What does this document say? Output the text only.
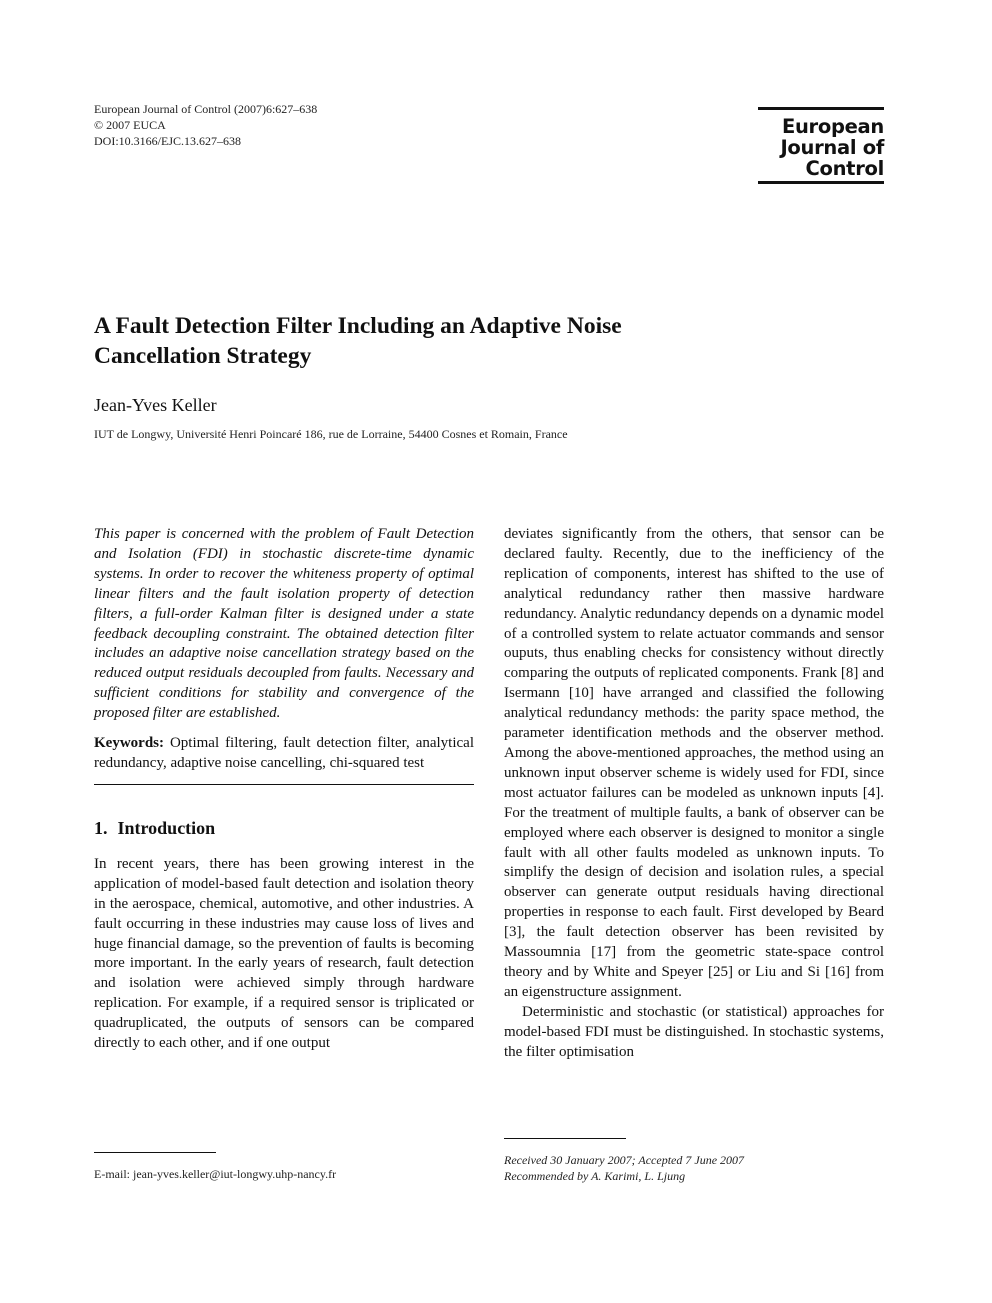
European Journal of Control (2007)6:627–638
© 2007 EUCA
DOI:10.3166/EJC.13.627–638
European
Journal of
Control
A Fault Detection Filter Including an Adaptive Noise Cancellation Strategy
Jean-Yves Keller
IUT de Longwy, Université Henri Poincaré 186, rue de Lorraine, 54400 Cosnes et Romain, France

This paper is concerned with the problem of Fault Detection and Isolation (FDI) in stochastic discrete-time dynamic systems. In order to recover the whiteness property of optimal linear filters and the fault isolation property of detection filters, a full-order Kalman filter is designed under a state feedback decoupling constraint. The obtained detection filter includes an adaptive noise cancellation strategy based on the reduced output residuals decoupled from faults. Necessary and sufficient conditions for stability and convergence of the proposed filter are established.

Keywords: Optimal filtering, fault detection filter, analytical redundancy, adaptive noise cancelling, chi-squared test

1. Introduction

In recent years, there has been growing interest in the application of model-based fault detection and isolation theory in the aerospace, chemical, automotive, and other industries. A fault occurring in these industries may cause loss of lives and huge financial damage, so the prevention of faults is becoming more important. In the early years of research, fault detection and isolation were achieved simply through hardware replication. For example, if a required sensor is triplicated or quadruplicated, the outputs of sensors can be compared directly to each other, and if one output

deviates significantly from the others, that sensor can be declared faulty. Recently, due to the inefficiency of the replication of components, interest has shifted to the use of analytical redundancy rather then massive hardware redundancy. Analytic redundancy depends on a dynamic model of a controlled system to relate actuator commands and sensor ouputs, thus enabling checks for consistency without directly comparing the outputs of replicated components. Frank [8] and Isermann [10] have arranged and classified the following analytical redundancy methods: the parity space method, the parameter identification methods and the observer method. Among the above-mentioned approaches, the method using an unknown input observer scheme is widely used for FDI, since most actuator failures can be modeled as unknown inputs [4]. For the treatment of multiple faults, a bank of observer can be employed where each observer is designed to monitor a single fault with all other faults modeled as unknown inputs. To simplify the design of decision and isolation rules, a special observer can generate output residuals having directional properties in response to each fault. First developed by Beard [3], the fault detection observer has been revisited by Massoumnia [17] from the geometric state-space control theory and by White and Speyer [25] or Liu and Si [16] from an eigenstructure assignment.

Deterministic and stochastic (or statistical) approaches for model-based FDI must be distinguished. In stochastic systems, the filter optimisation

E-mail: jean-yves.keller@iut-longwy.uhp-nancy.fr
Received 30 January 2007; Accepted 7 June 2007
Recommended by A. Karimi, L. Ljung
